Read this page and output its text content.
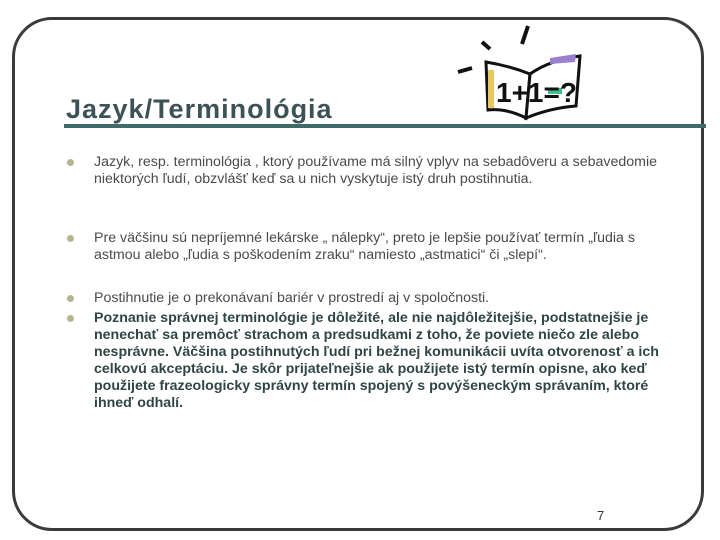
Jazyk/Terminológia
1+1=?
Jazyk, resp. terminológia , ktorý používame má silný vplyv na sebadôveru a sebavedomie niektorých ľudí, obzvlášť keď sa u nich vyskytuje istý druh postihnutia.
Pre väčšinu sú nepríjemné lekárske „ nálepky“, preto je lepšie používať termín „ľudia s astmou alebo „ľudia s poškodením zraku“ namiesto „astmatici“ či „slepí“.
Postihnutie je o prekonávaní bariér v prostredí aj v spoločnosti.
Poznanie správnej terminológie je dôležité, ale nie najdôležitejšie, podstatnejšie je nenechať sa premôcť strachom a predsudkami z toho, že poviete niečo zle alebo nesprávne. Väčšina postihnutých ľudí pri bežnej komunikácii uvíta otvorenosť a ich celkovú akceptáciu. Je skôr prijateľnejšie ak použijete istý termín opisne, ako keď použijete frazeologicky správny termín spojený s povýšeneckým správaním, ktoré ihneď odhalí.
7
